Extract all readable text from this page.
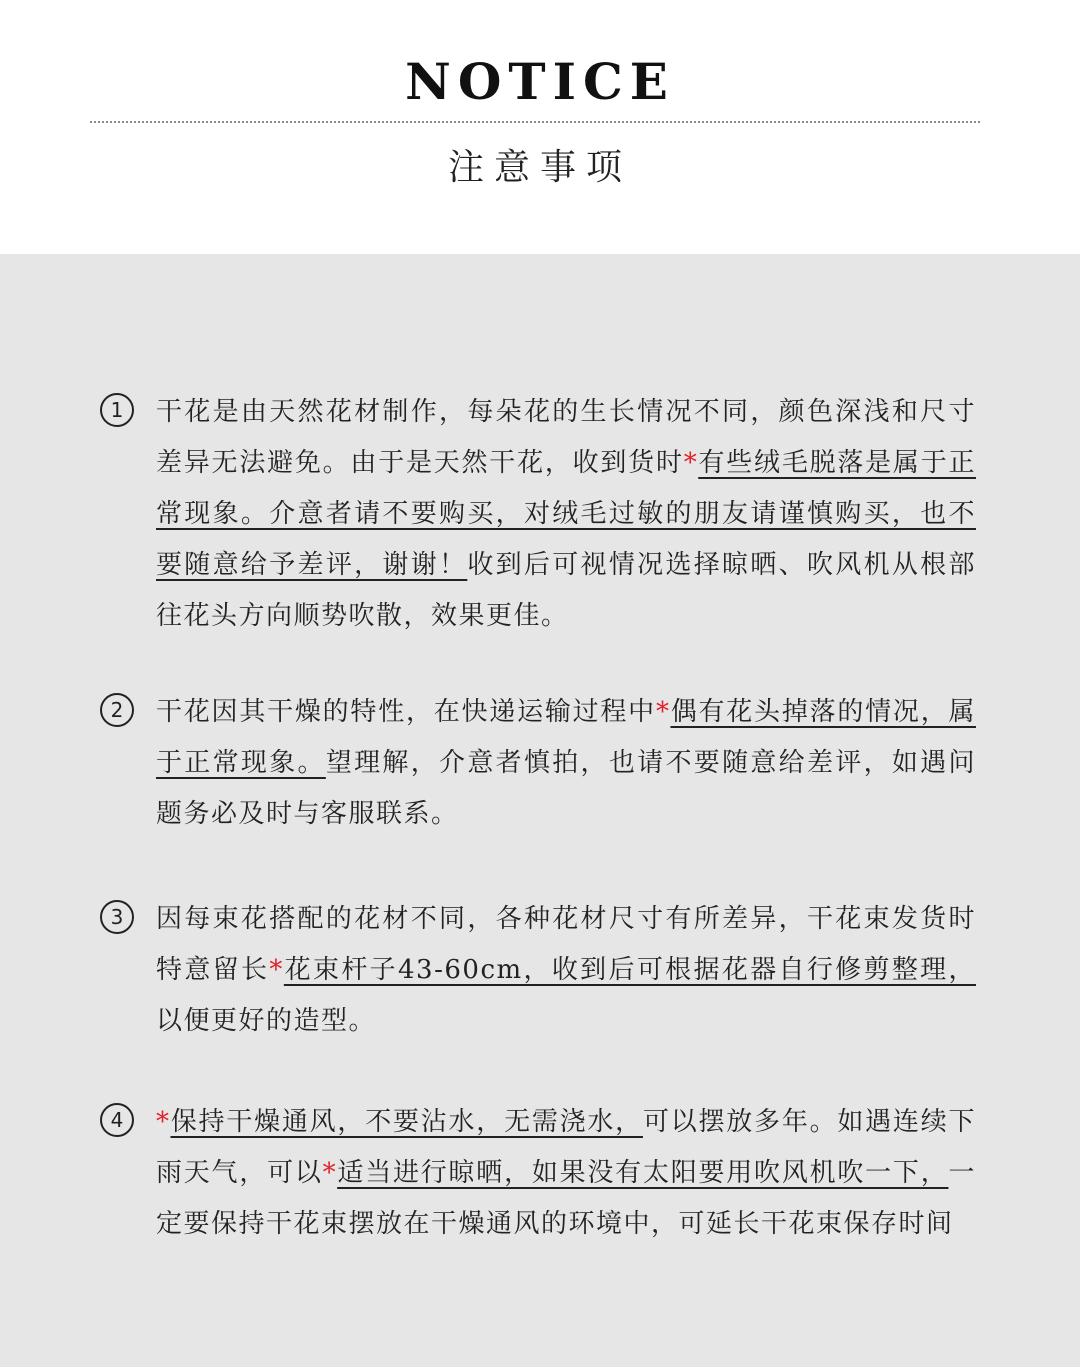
NOTICE
注意事项
1	干花是由天然花材制作，每朵花的生长情况不同，颜色深浅和尺寸差异无法避免。由于是天然干花，收到货时*有些绒毛脱落是属于正常现象。介意者请不要购买，对绒毛过敏的朋友请谨慎购买，也不要随意给予差评，谢谢！收到后可视情况选择晾晒、吹风机从根部往花头方向顺势吹散，效果更佳。
2	干花因其干燥的特性，在快递运输过程中*偶有花头掉落的情况，属于正常现象。望理解，介意者慎拍，也请不要随意给差评，如遇问题务必及时与客服联系。
3	因每束花搭配的花材不同，各种花材尺寸有所差异，干花束发货时特意留长*花束杆子43-60cm，收到后可根据花器自行修剪整理，以便更好的造型。
4	*保持干燥通风，不要沾水，无需浇水，可以摆放多年。如遇连续下雨天气，可以*适当进行晾晒，如果没有太阳要用吹风机吹一下，一定要保持干花束摆放在干燥通风的环境中，可延长干花束保存时间
